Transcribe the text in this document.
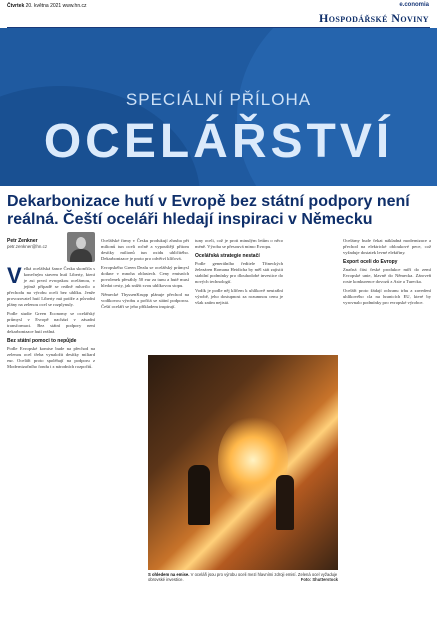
Čtvrtek 20. května 2021 www.hn.cz	e.conomia
Hospodářské Noviny
SPECIÁLNÍ PŘÍLOHA
OCELÁŘSTVÍ
Dekarbonizace hutí v Evropě bez státní podpory není reálná. Čeští oceláři hledají inspiraci v Německu
Petr Zenkner
petr.zenkner@hn.cz

V elká ocelářská šance Česka skončila s konečným stavem hutí Liberty, která je asi první evropskou ocelárnou, v jejímž případě se reálně mluvilo o přechodu na výrobu oceli bez uhlíku. Jenže provozovatel hutí Liberty má potíže a původní plány na zelenou ocel se rozplynuly.

Podle studie Green Economy se ocelářský průmysl v Evropě nachází v zásadní transformaci. Bez státní podpory není dekarbonizace hutí reálná.

Bez státní pomoci to nepůjde

Podle Evropské komise bude na přechod na zelenou ocel třeba vynaložit desítky miliard eur. Oceláři proto spoléhají na podporu z Modernizačního fondu i z národních rozpočtů.

Ocelářské firmy v Česku produkují zhruba pět milionů tun oceli ročně a vypouštějí přitom desítky milionů tun oxidu uhličitého. Dekarbonizace je proto pro odvětví klíčová.

Evropského Green Dealu se ocelářský průmysl dotkne v mnoha oblastech. Ceny emisních povolenek přesáhly 50 eur za tunu a hutě musí hledat cesty, jak snížit svou uhlíkovou stopu.

Německé ThyssenKrupp plánuje přechod na vodíkovou výrobu a počítá se státní podporou. Čeští oceláři se jeho příkladem inspirují.

tuny oceli, což je proti minulým letům o něco méně. Výroba se přesouvá mimo Evropu.

Ocelářská strategie nestačí

Podle generálního ředitele Třineckých železáren Romana Heidicha by měl stát zajistit stabilní podmínky pro dlouhodobé investice do nových technologií.

Vodík je podle něj klíčem k uhlíkově neutrální výrobě, jeho dostupnost za rozumnou cenu je však zatím nejistá.

Ocelárny bude čekat nákladná modernizace a přechod na elektrické obloukové pece, což vyžaduje dostatek levné elektřiny.

Export oceli do Evropy

Značná část české produkce míří do zemí Evropské unie, hlavně do Německa. Zároveň roste konkurence dovozů z Asie a Turecka.

Oceláři proto žádají ochranu trhu a zavedení uhlíkového cla na hranicích EU, které by vyrovnalo podmínky pro evropské výrobce.

S ohledem na emise. V oceláři jsou pro výrobu oceli mezi hlavními zdroji emisí. Zelená ocel vyžaduje obrovské investice.	Foto: Shutterstock
